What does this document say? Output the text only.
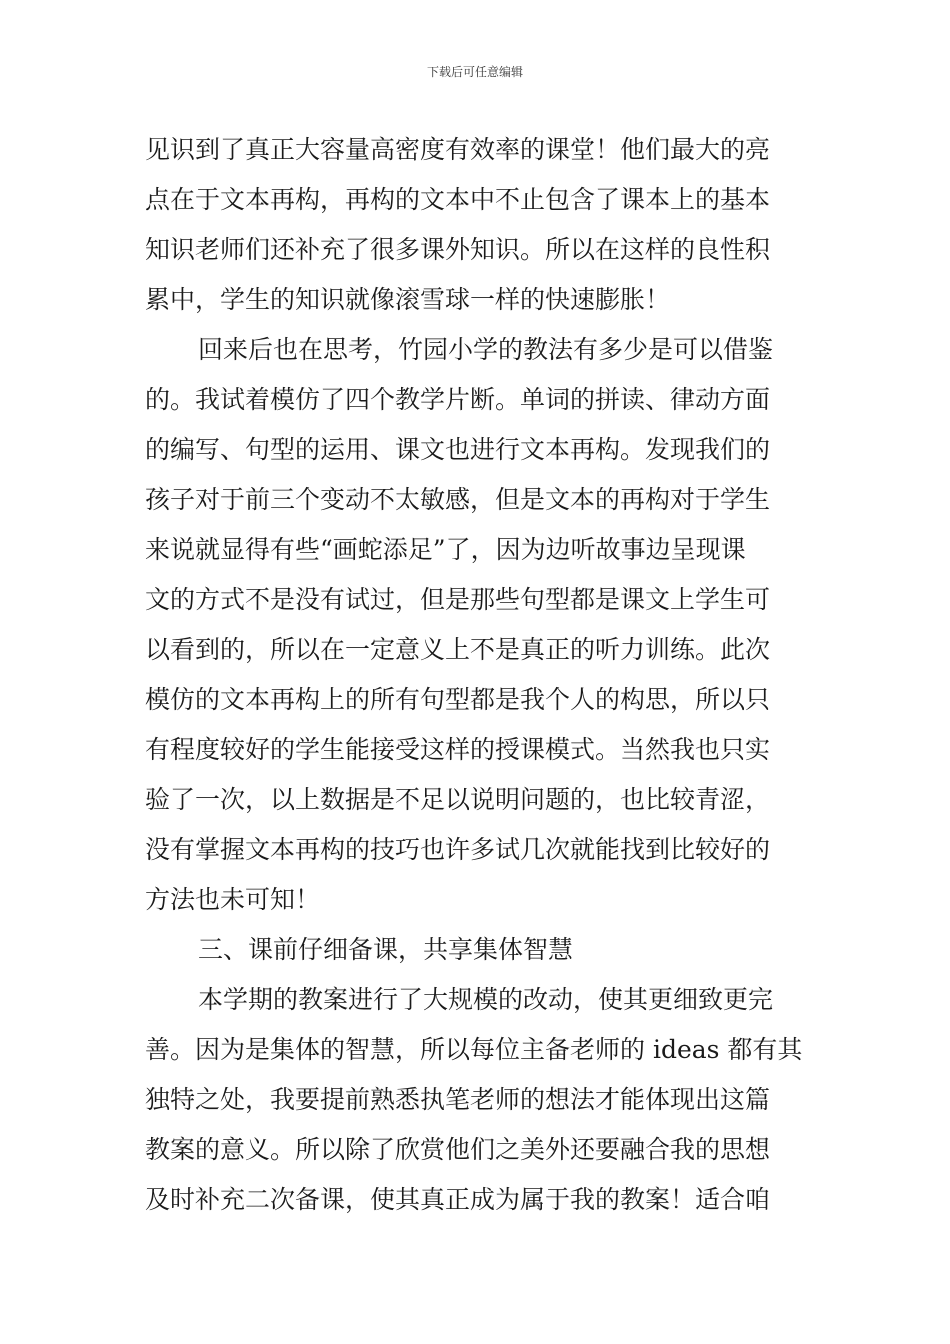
下载后可任意编辑
见识到了真正大容量高密度有效率的课堂！他们最大的亮
点在于文本再构，再构的文本中不止包含了课本上的基本
知识老师们还补充了很多课外知识。所以在这样的良性积
累中，学生的知识就像滚雪球一样的快速膨胀！
回来后也在思考，竹园小学的教法有多少是可以借鉴
的。我试着模仿了四个教学片断。单词的拼读、律动方面
的编写、句型的运用、课文也进行文本再构。发现我们的
孩子对于前三个变动不太敏感，但是文本的再构对于学生
来说就显得有些“画蛇添足”了，因为边听故事边呈现课
文的方式不是没有试过，但是那些句型都是课文上学生可
以看到的，所以在一定意义上不是真正的听力训练。此次
模仿的文本再构上的所有句型都是我个人的构思，所以只
有程度较好的学生能接受这样的授课模式。当然我也只实
验了一次，以上数据是不足以说明问题的，也比较青涩，
没有掌握文本再构的技巧也许多试几次就能找到比较好的
方法也未可知！
三、课前仔细备课，共享集体智慧
本学期的教案进行了大规模的改动，使其更细致更完
善。因为是集体的智慧，所以每位主备老师的 ideas 都有其
独特之处，我要提前熟悉执笔老师的想法才能体现出这篇
教案的意义。所以除了欣赏他们之美外还要融合我的思想
及时补充二次备课，使其真正成为属于我的教案！适合咱
